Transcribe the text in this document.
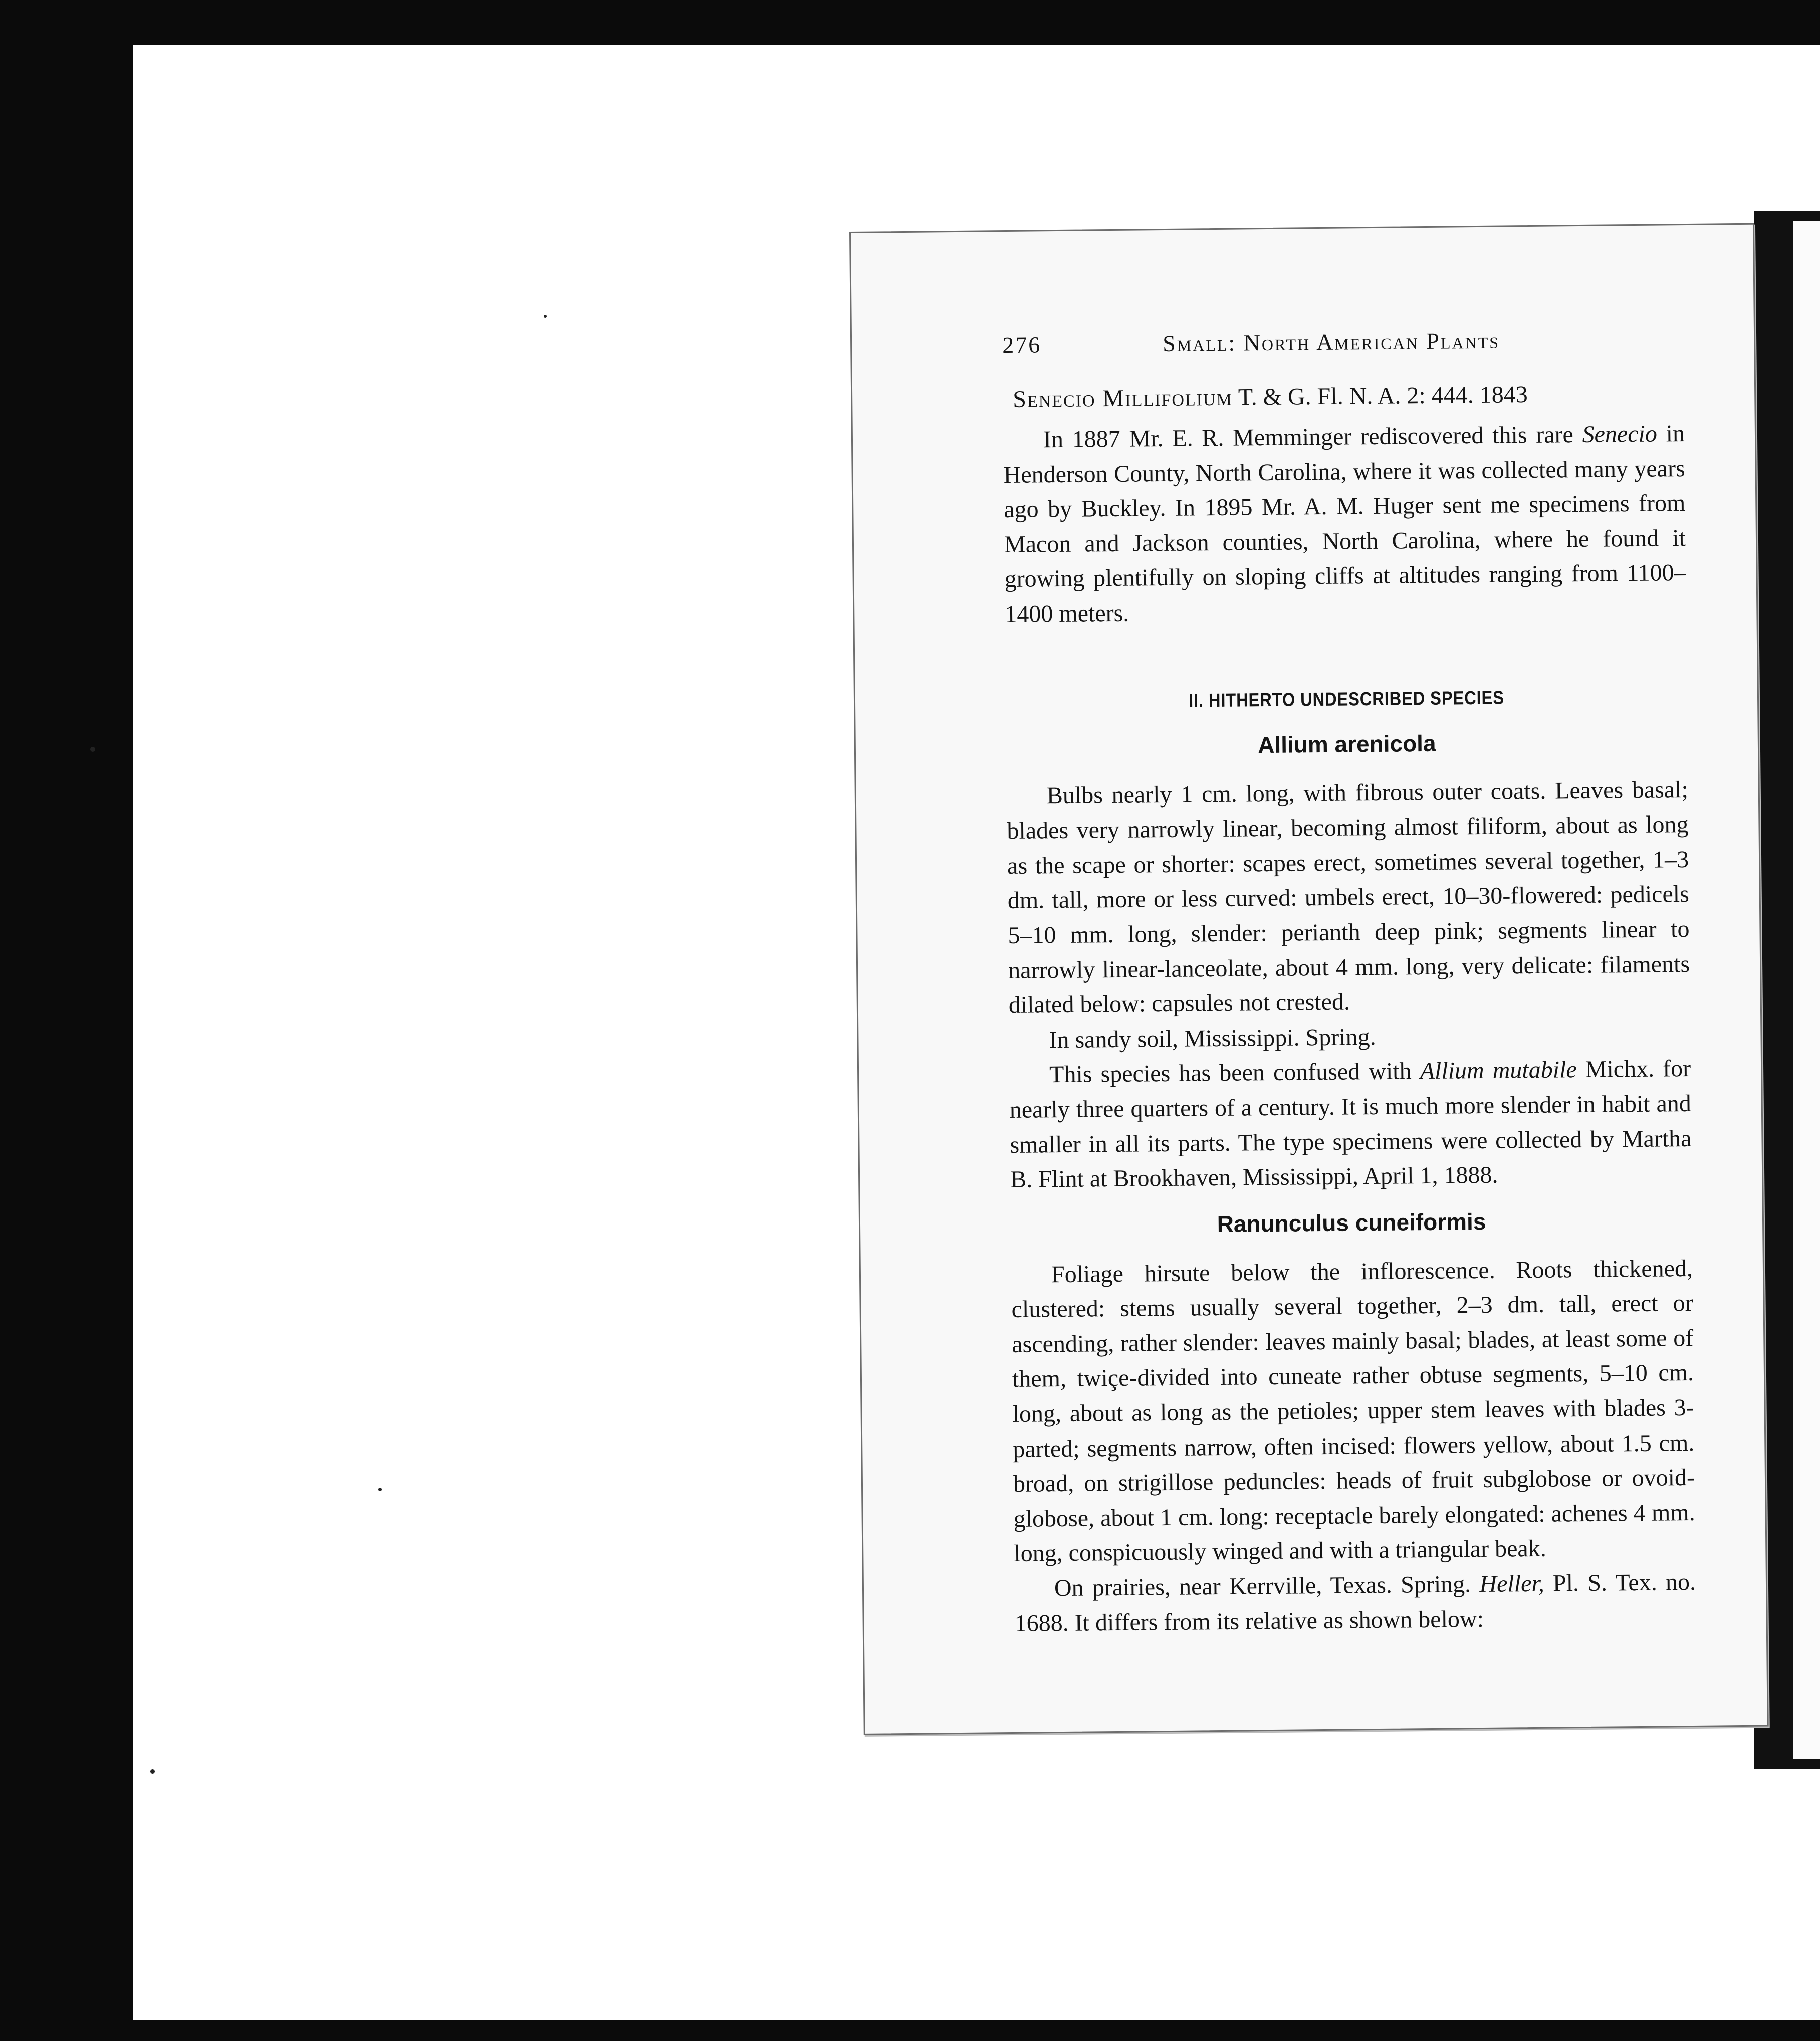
276	Small: North American Plants
Senecio Millifolium T. & G. Fl. N. A. 2: 444. 1843

In 1887 Mr. E. R. Memminger rediscovered this rare Senecio in Henderson County, North Carolina, where it was collected many years ago by Buckley. In 1895 Mr. A. M. Huger sent me specimens from Macon and Jackson counties, North Carolina, where he found it growing plentifully on sloping cliffs at altitudes ranging from 1100–1400 meters.

II. HITHERTO UNDESCRIBED SPECIES
Allium arenicola

Bulbs nearly 1 cm. long, with fibrous outer coats. Leaves basal; blades very narrowly linear, becoming almost filiform, about as long as the scape or shorter: scapes erect, sometimes several together, 1–3 dm. tall, more or less curved: umbels erect, 10–30-flowered: pedicels 5–10 mm. long, slender: perianth deep pink; segments linear to narrowly linear-lanceolate, about 4 mm. long, very delicate: filaments dilated below: capsules not crested.

In sandy soil, Mississippi. Spring.

This species has been confused with Allium mutabile Michx. for nearly three quarters of a century. It is much more slender in habit and smaller in all its parts. The type specimens were collected by Martha B. Flint at Brookhaven, Mississippi, April 1, 1888.

Ranunculus cuneiformis

Foliage hirsute below the inflorescence. Roots thickened, clustered: stems usually several together, 2–3 dm. tall, erect or ascending, rather slender: leaves mainly basal; blades, at least some of them, twiçe-divided into cuneate rather obtuse segments, 5–10 cm. long, about as long as the petioles; upper stem leaves with blades 3-parted; segments narrow, often incised: flowers yellow, about 1.5 cm. broad, on strigillose peduncles: heads of fruit subglobose or ovoid-globose, about 1 cm. long: receptacle barely elongated: achenes 4 mm. long, conspicuously winged and with a triangular beak.

On prairies, near Kerrville, Texas. Spring. Heller, Pl. S. Tex. no. 1688. It differs from its relative as shown below:
